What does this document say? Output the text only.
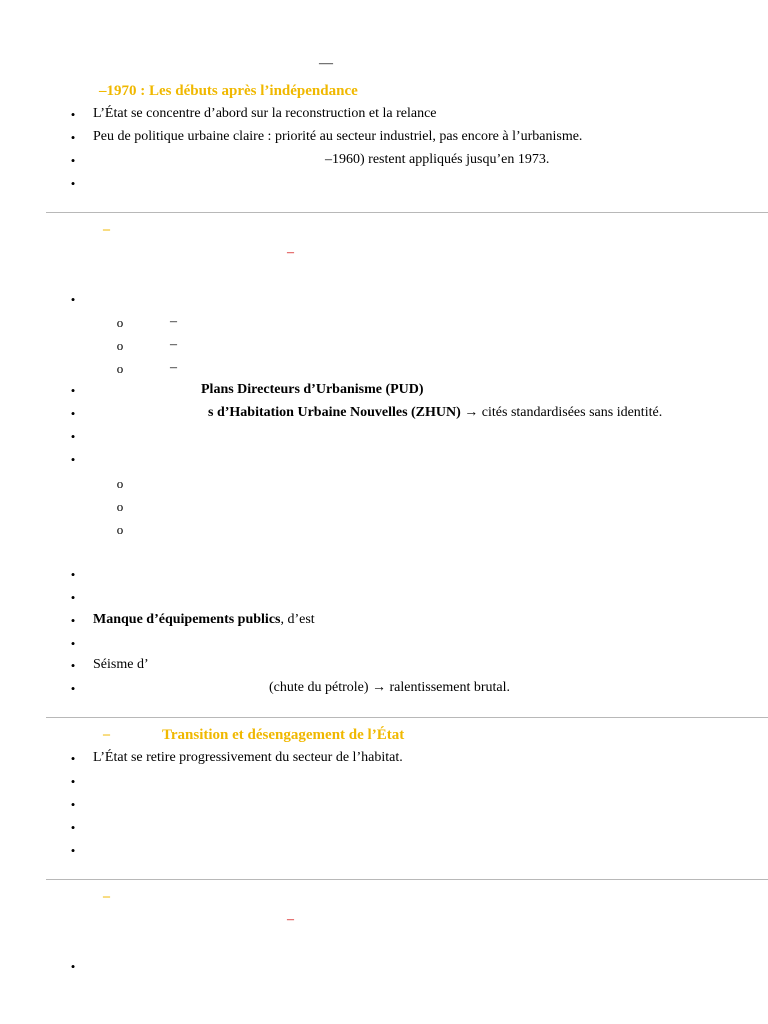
—
–1970 : Les débuts après l’indépendance
• L’État se concentre d’abord sur la reconstruction et la relance
• Peu de politique urbaine claire : priorité au secteur industriel, pas encore à l’urbanisme.
•	–1960) restent appliqués jusqu’en 1973.
•
–
–
•
o	–
o	–
o	–
•	Plans Directeurs d’Urbanisme (PUD)
•	s d’Habitation Urbaine Nouvelles (ZHUN) → cités standardisées sans identité.
•
•
o
o
o
•
•
• Manque d’équipements publics, d’est
•
• Séisme d’
•	(chute du pétrole) → ralentissement brutal.
–	Transition et désengagement de l’État
• L’État se retire progressivement du secteur de l’habitat.
•
•
•
•
–
–
•
